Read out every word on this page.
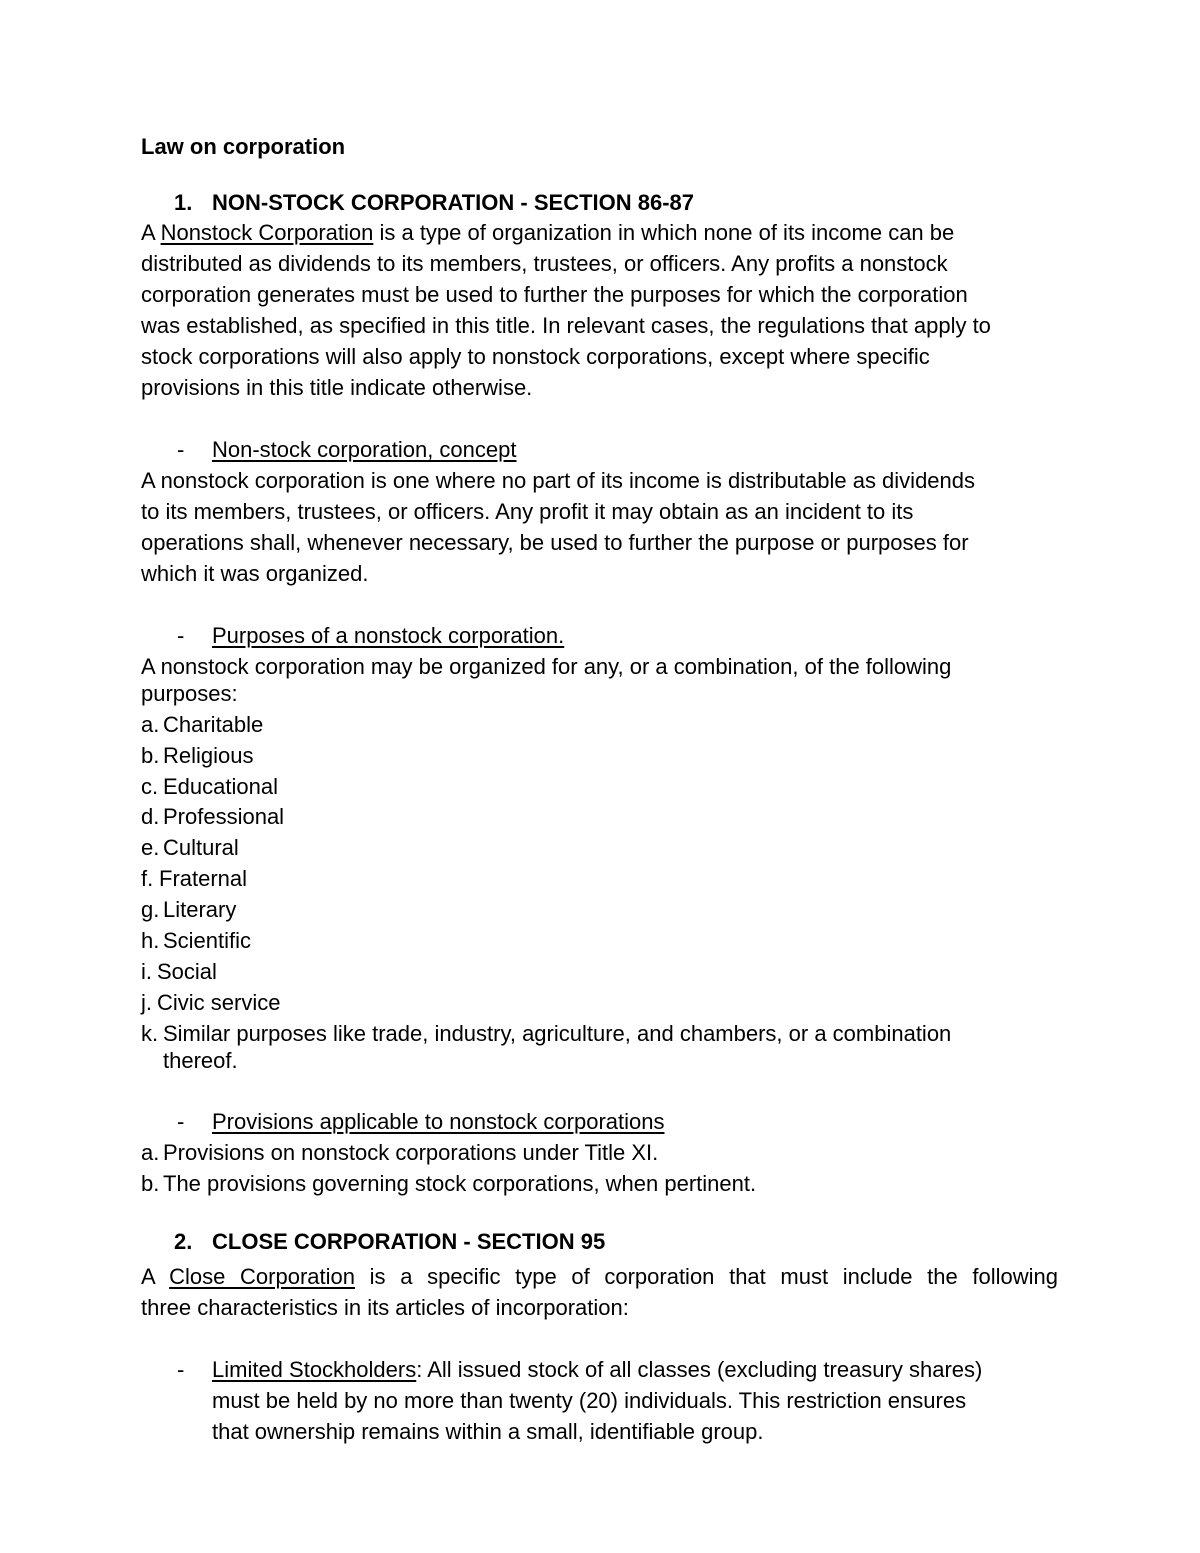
Law on corporation

1. NON-STOCK CORPORATION - SECTION 86-87

A Nonstock Corporation is a type of organization in which none of its income can be

distributed as dividends to its members, trustees, or officers. Any profits a nonstock

corporation generates must be used to further the purposes for which the corporation

was established, as specified in this title. In relevant cases, the regulations that apply to

stock corporations will also apply to nonstock corporations, except where specific

provisions in this title indicate otherwise.

- Non-stock corporation, concept

A nonstock corporation is one where no part of its income is distributable as dividends

to its members, trustees, or officers. Any profit it may obtain as an incident to its

operations shall, whenever necessary, be used to further the purpose or purposes for

which it was organized.

- Purposes of a nonstock corporation.

A nonstock corporation may be organized for any, or a combination, of the following

purposes:

a. Charitable

b. Religious

c. Educational

d. Professional

e. Cultural

f. Fraternal

g. Literary

h. Scientific

i. Social

j. Civic service

k. Similar purposes like trade, industry, agriculture, and chambers, or a combination

thereof.

- Provisions applicable to nonstock corporations

a. Provisions on nonstock corporations under Title XI.

b. The provisions governing stock corporations, when pertinent.

2. CLOSE CORPORATION - SECTION 95

A Close Corporation is a specific type of corporation that must include the following

three characteristics in its articles of incorporation:

- Limited Stockholders: All issued stock of all classes (excluding treasury shares)

must be held by no more than twenty (20) individuals. This restriction ensures

that ownership remains within a small, identifiable group.
